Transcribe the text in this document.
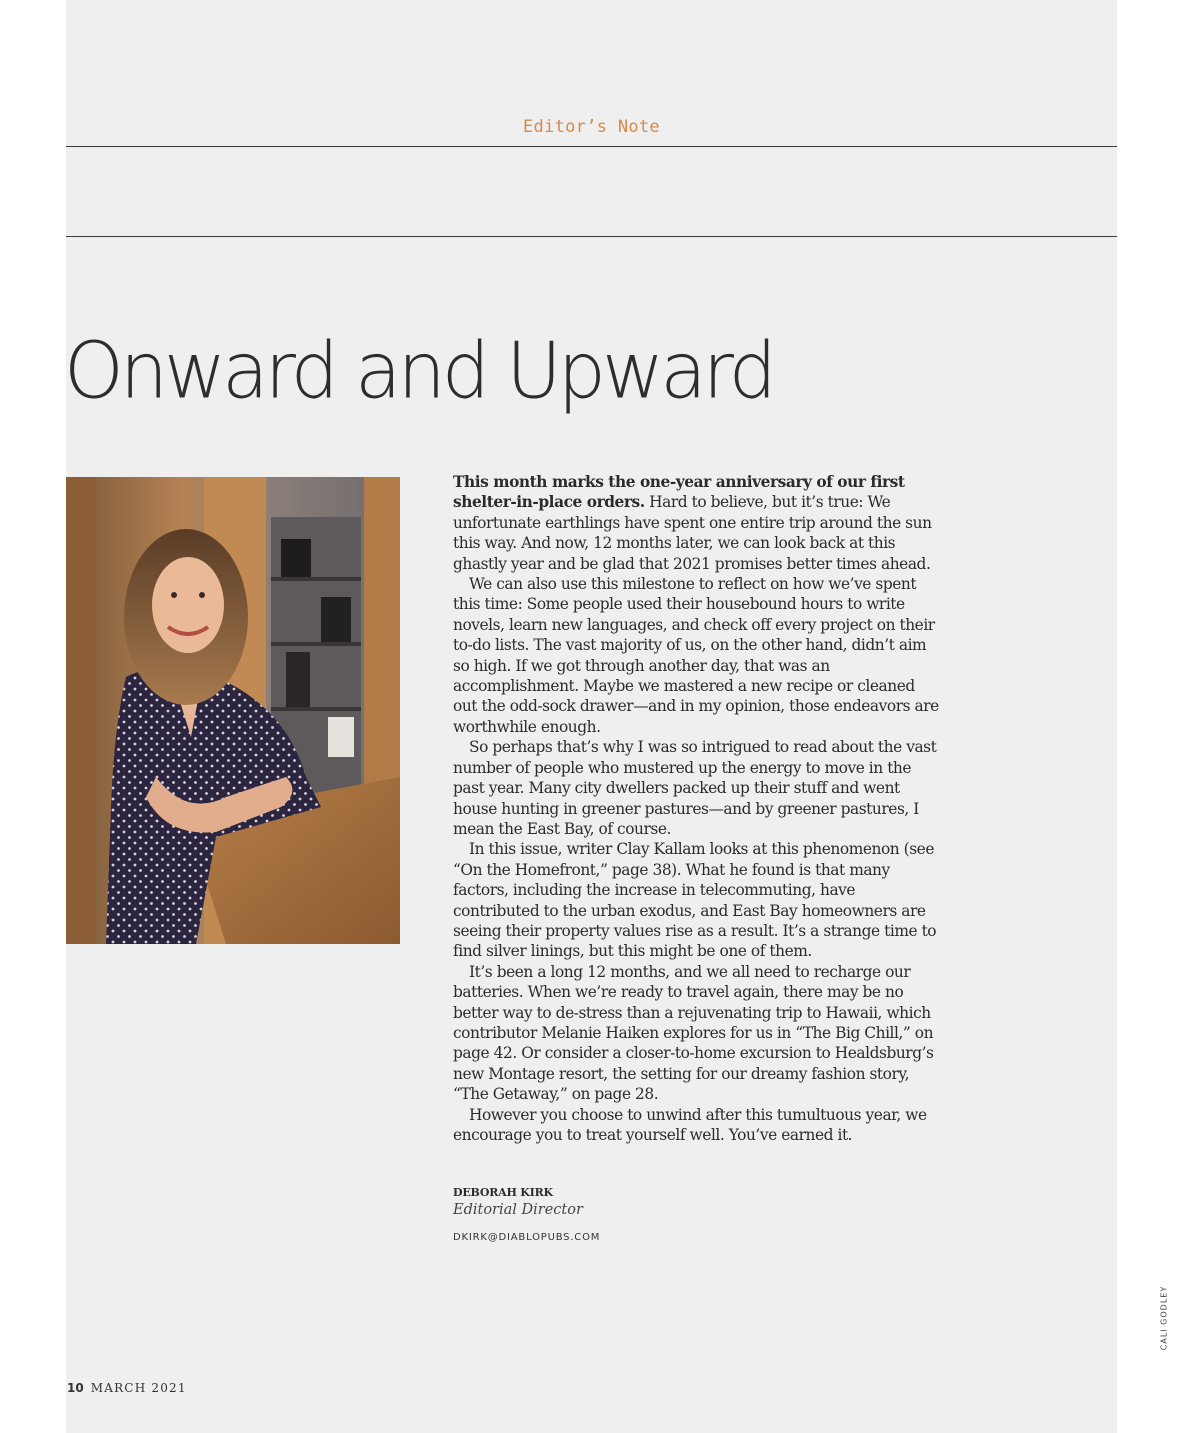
Editor’s Note
Onward and Upward

This month marks the one-year anniversary of our first shelter-in-place orders. Hard to believe, but it’s true: We unfortunate earthlings have spent one entire trip around the sun this way. And now, 12 months later, we can look back at this ghastly year and be glad that 2021 promises better times ahead.

We can also use this milestone to reflect on how we’ve spent this time: Some people used their housebound hours to write novels, learn new languages, and check off every project on their to-do lists. The vast majority of us, on the other hand, didn’t aim so high. If we got through another day, that was an accomplishment. Maybe we mastered a new recipe or cleaned out the odd-sock drawer—and in my opinion, those endeavors are worthwhile enough.

So perhaps that’s why I was so intrigued to read about the vast number of people who mustered up the energy to move in the past year. Many city dwellers packed up their stuff and went house hunting in greener pastures—and by greener pastures, I mean the East Bay, of course.

In this issue, writer Clay Kallam looks at this phenomenon (see “On the Homefront,” page 38). What he found is that many factors, including the increase in telecommuting, have contributed to the urban exodus, and East Bay homeowners are seeing their property values rise as a result. It’s a strange time to find silver linings, but this might be one of them.

It’s been a long 12 months, and we all need to recharge our batteries. When we’re ready to travel again, there may be no better way to de-stress than a rejuvenating trip to Hawaii, which contributor Melanie Haiken explores for us in “The Big Chill,” on page 42. Or consider a closer-to-home excursion to Healdsburg’s new Montage resort, the setting for our dreamy fashion story, “The Getaway,” on page 28.

However you choose to unwind after this tumultuous year, we encourage you to treat yourself well. You’ve earned it.

DEBORAH KIRK
Editorial Director
DKIRK@DIABLOPUBS.COM
10 MARCH 2021
CALI GODLEY
